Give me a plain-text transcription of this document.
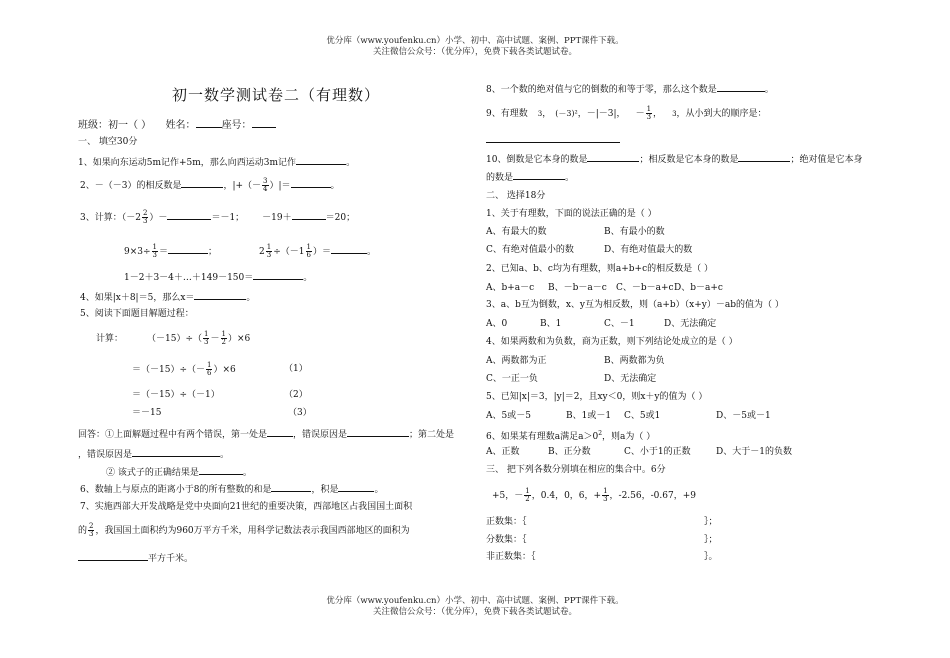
优分库（www.youfenku.cn）小学、初中、高中试题、案例、PPT课件下载。
关注微信公众号：（优分库），免费下载各类试题试卷。
初一数学测试卷二（有理数）
班级：初一（ ） 姓名：	座号：
一、 填空30分
1、如果向东运动5m记作+5m，那么向西运动3m记作	。
2、－（－3）的相反数是	，|+（－ $\frac{3}{4}$ ）|＝	。
3、计算：（$-2 \frac{2}{3}$ ）－	＝－1； －19＋	＝20；
$9\times 3\div \frac{1}{3}$ ＝	；	$2 \frac{1}{3} \div(-1 \frac{1}{6}$ ）＝	。
1－2＋3－4＋…＋149－150＝	。
4、如果|x＋8|＝5，那么x＝	。
5、阅读下面题目解题过程：
计算：	$(-15)\div( \frac{1}{3} - \frac{1}{2} )\times 6$
$=(-15)\div(- \frac{1}{6} )\times 6$	（1）
＝（－15）÷（－1）	（2）
＝－15	（3）
回答：①上面解题过程中有两个错误，第一处是	，错误原因是	；第二处是
，错误原因是	。
② 该式子的正确结果是	。
6、数轴上与原点的距离小于8的所有整数的和是	，积是	。
7、实施西部大开发战略是党中央面向21世纪的重要决策，西部地区占我国国土面积
的 $\frac{2}{3}$ ，我国国土面积约为960万平方千米，用科学记数法表示我国西部地区的面积为
平方千米。
8、一个数的绝对值与它的倒数的和等于零，那么这个数是	。
9、有理数 3， (－3)²，－|－3|， － $\frac{1}{3}$ ， 3，从小到大的顺序是：
10、倒数是它本身的数是	；相反数是它本身的数是	；绝对值是它本身
的数是	。
二、 选择18分
1、关于有理数，下面的说法正确的是（ ）
A、有最大的数	B、有最小的数
C、有绝对值最小的数	D、有绝对值最大的数
2、已知a、b、c均为有理数，则a+b+c的相反数是（ ）
A、b+a－c B、－b－a－c C、－b－a+c D、b－a+c
3、a、b互为倒数，x、y互为相反数，则（a+b）（x+y）－ab的值为（ ）
A、0	B、1	C、－1	D、无法确定
4、如果两数和为负数，商为正数，则下列结论处成立的是（ ）
A、两数都为正	B、两数都为负
C、一正一负	D、无法确定
5、已知|x|＝3，|y|＝2，且xy＜0，则x＋y的值为（ ）
A、5或－5	B、1或－1 C、5或1	D、－5或－1
6、如果某有理数a满足$a>0^2$，则a为（ ）
A、正数	B、正分数	C、小于1的正数	D、大于－1的负数
三、 把下列各数分别填在相应的集合中。6分
+5，－ $\frac{1}{2}$ ，0.4，0，6，+ $\frac{1}{3}$ ，-2.56，-0.67，+9
正数集：｛	｝；
分数集：｛	｝；
非正数集：｛	｝。
优分库（www.youfenku.cn）小学、初中、高中试题、案例、PPT课件下载。
关注微信公众号：（优分库），免费下载各类试题试卷。
